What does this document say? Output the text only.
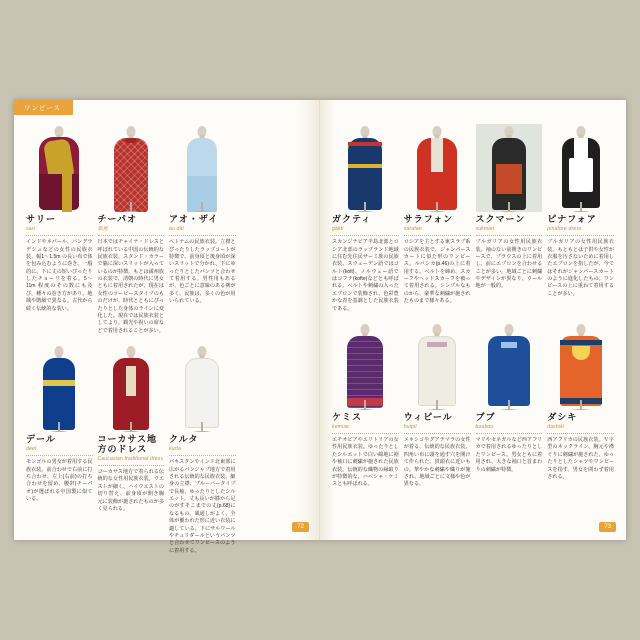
ワンピース
サリー
sari
インドやネパール、バングラデシュなどの女性の民族衣装。幅1～1.5m の長い布で体を包み込むように巻き、一般的に、下に丈の短いぴったりしたチョーリを着る。5～11m 程度のその数にも及び、種々の巻き方があり、地域や階級で異なる。古代から続く伝統的な装い。
チーパオ
旗袍
日本ではチャイナ・ドレスと呼ばれている中国の伝統的な民族衣装。スタンド・カラーで脇に深いスリットが入っているのが特徴。もとは満州族の衣装で、清朝の時代に男女ともに着用されたが、現在は女性のツーピースタイプのものだけが、時代とともにぴったりとした身体のラインに変化した。現在では民族衣装としてより、観光や祝いの席などで着用されることが多い。
アオ・ザイ
ào dài
ベトナムの民族衣装。立襟とぴったりしたラップコートが特徴で、前身頃と後身頃が深いスリットで分かれ、下にゆったりとしたパンツと合わせて着用する。男性用もあるが、色ごとに意味のある例が多く、民族は、多くの色が用いられている。
デール
deel
モンゴルの男女が着用する民族衣装。前合わせで右前に打ち合わせ、左上(右前)の打ち合わせを留め、腰帯(チーパオ)が選ばれる中国製に似ている。
コーカサス地方のドレス
Caucasian traditional dress
コーカサス地方で着られる伝統的な女性用民族衣装。ウエストが細く、ハイウエストの切り替え、前身頃が開き胸元に装飾が施されたものが多く見られる。
クルタ
kurta
パキスタンやインド北東部に広がるパンジャブ地方で着用される伝統的な民族衣装。細身の立襟、ブルーバータイプで長袖、ゆったりとしたシルエット。丈も長いが膝から足のがすそこまでの丈(p.68)になるもの、風通しがよく、全体が覆われた形に近い衣装に適している。下にサルワールやチュリダールというパンツと合わせてワンピースのように着用する。
72
ガクティ
gákti
スカンジナビア半島北部とロシア北部のラップランド地域に住む先住民サーミ族の民族衣装、スウェーデン語ではコルト(kolt)、ノルウェー語ではコフテ(kofte)などとも呼ばれる。ベルトや刺繍の入ったエプロンで装飾され、色彩豊かな青を基調とした民族衣装である。
サラフォン
sarafan
ロシアを主とする東スラブ系の民族衣装で、ジャンパースカートに似た形のワンピース。ルバシカ(p.46)の上に着用する。ベルトを締め、スカーフやヘッドスカーフを被って着用される。シンプルなものから、豪華な刺繍が施されたものまで様々ある。
スクマーン
sukman
ブルガリアの女性用民族衣装。袖のない前開きのワンピースで、ブラウスの上に着用し、前にエプロンを合わせることが多い。地域ごとに刺繍やデザインが異なり、ウール地が一般的。
ピナフォア
pinafore dress
ブルガリアの女性用民族衣装。もともとは子供や女性が衣服を汚さないために着用したエプロンを指したが、今ではそれがジャンパースカートのように進化したもの。ワンピースの上に重ねて着用することが多い。
ケミス
kemise
エチオピアやエリトリアの女性用民族衣装。ゆったりとしたシルエットで白い綿地に裾や袖口に刺繍が施された民族衣装。伝統的な織物の縁取りが特徴的な、ハベシャ・ケミスとも呼ばれる。
ウィピール
huipil
メキシコやグアテマラの女性が着る、伝統的な民族衣装。四角い布に頭を通す穴を開けて作られた、貫頭衣に近いもの。華やかな刺繍や織りが施され、地域ごとに文様や色が異なる。
ブブ
boubou
マリやセネガルなど西アフリカで着用されるゆったりとしたワンピース。男女ともに着用され、大きな袖口と首まわりの刺繍が特徴。
ダシキ
dashiki
西アフリカの民族衣装。Ｖ字型のネックライン、胸元や襟ぐりに刺繍が施された、ゆったりとしたシャツやワンピースを指す。男女を問わず着用される。
73
